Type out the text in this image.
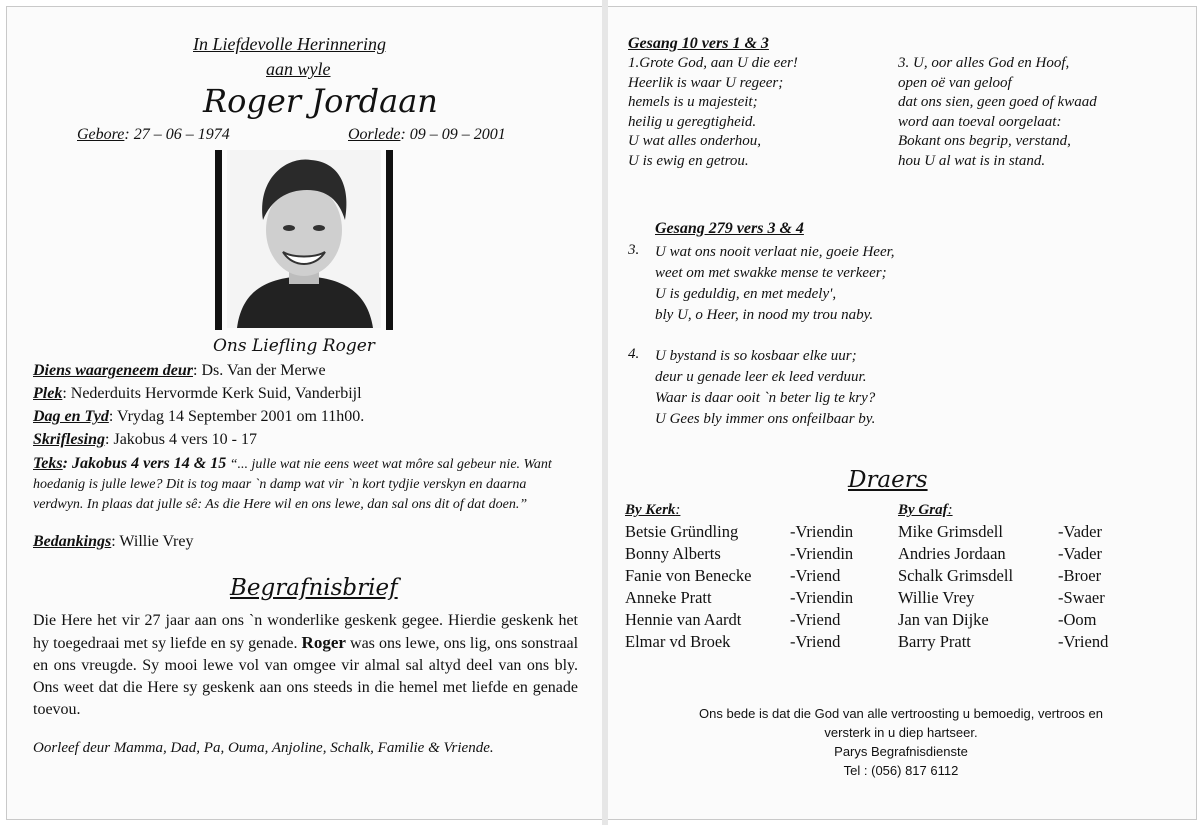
In Liefdevolle Herinnering
aan wyle
Roger Jordaan
Gebore: 27 – 06 – 1974	Oorlede: 09 – 09 – 2001
Ons Liefling Roger
Diens waargeneem deur: Ds. Van der Merwe
Plek: Nederduits Hervormde Kerk Suid, Vanderbijl
Dag en Tyd: Vrydag 14 September 2001 om 11h00.
Skriflesing: Jakobus 4 vers 10 - 17
Teks: Jakobus 4 vers 14 & 15 “... julle wat nie eens weet wat môre sal gebeur nie. Want hoedanig is julle lewe? Dit is tog maar `n damp wat vir `n kort tydjie verskyn en daarna verdwyn. In plaas dat julle sê: As die Here wil en ons lewe, dan sal ons dit of dat doen.”
Bedankings: Willie Vrey
Begrafnisbrief
Die Here het vir 27 jaar aan ons `n wonderlike geskenk gegee. Hierdie geskenk het hy toegedraai met sy liefde en sy genade. Roger was ons lewe, ons lig, ons sonstraal en ons vreugde. Sy mooi lewe vol van omgee vir almal sal altyd deel van ons bly. Ons weet dat die Here sy geskenk aan ons steeds in die hemel met liefde en genade toevou.
Oorleef deur Mamma, Dad, Pa, Ouma, Anjoline, Schalk, Familie & Vriende.
Gesang 10 vers 1 & 3
1.Grote God, aan U die eer!
Heerlik is waar U regeer;
hemels is u majesteit;
heilig u geregtigheid.
U wat alles onderhou,
U is ewig en getrou.
3. U, oor alles God en Hoof,
open oë van geloof
dat ons sien, geen goed of kwaad
word aan toeval oorgelaat:
Bokant ons begrip, verstand,
hou U al wat is in stand.
Gesang 279 vers 3 & 4
3. U wat ons nooit verlaat nie, goeie Heer,
weet om met swakke mense te verkeer;
U is geduldig, en met medely',
bly U, o Heer, in nood my trou naby.
4. U bystand is so kosbaar elke uur;
deur u genade leer ek leed verduur.
Waar is daar ooit `n beter lig te kry?
U Gees bly immer ons onfeilbaar by.
Draers
By Kerk:	By Graf:
Betsie Gründling	-Vriendin
Bonny Alberts	-Vriendin
Fanie von Benecke -Vriend
Anneke Pratt	-Vriendin
Hennie van Aardt	-Vriend
Elmar vd Broek	-Vriend
Mike Grimsdell	-Vader
Andries Jordaan	-Vader
Schalk Grimsdell	-Broer
Willie Vrey	-Swaer
Jan van Dijke	-Oom
Barry Pratt	-Vriend
Ons bede is dat die God van alle vertroosting u bemoedig, vertroos en
versterk in u diep hartseer.
Parys Begrafnisdienste
Tel : (056) 817 6112
